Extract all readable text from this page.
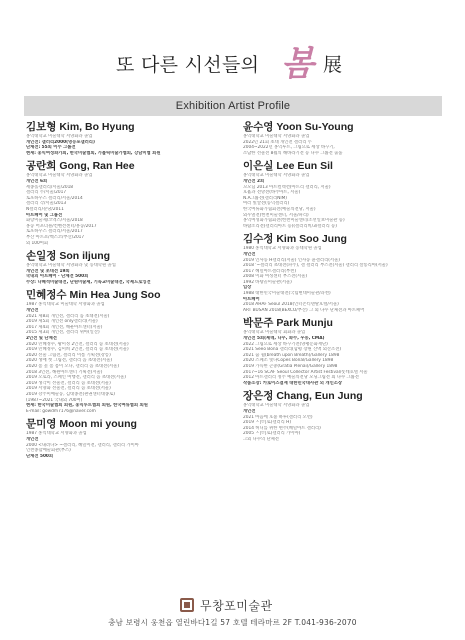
또 다른 시선들의 봄 展
Exhibition Artist Profile
김보형 Kim, Bo Hyung
홍익대학교 미술대학 서양화과 졸업
개인전: 갤러리2000(영등포갤러리)
단체전: 55회 이수 그룹전
현재: 홍익여성화가회, 한국미술협회, 가톨릭미술가협회, 강남미협 회원
공란희 Gong, Ran Hee
홍익대학교 미술대학 서양화과 졸업
개인전 6회
세종홀갤러리/서울/2018
갤러리 두/서울/2017
토포하우스 갤러리/서울/2014
갤러리 각/서울/2013
N갤러리/분당/2011
아트페어 및 그룹전
화랑미술제/코엑스/서울/2018
홍콩 어포더블/컨벤션센터/홍콩/2017
토포하우스 갤러리/서울/2017
부산 아트쇼/벡스코/부산/2017
외 100여회
손일정 Son iljung
홍익대학교 미술대학 서양화과 및 동대학원 졸업
개인전 및 초대전 19회
국내외 아트페어 · 단체전 500회
수상: 나혜석미술대전, 단원미술제, 기독교미술대전, 국제드로잉전
민혜정수 Min Hea Jung Soo
1987 홍익대학교 미술대학 서양화과 졸업
개인전
2021 제8회 개인전, 갤러리 콤 초대전(서울)
2019 제5회 개인전 only갤러리(서울)
2017 제4회 개인전, 해운아트센터(서울)
2015 제3회 개인전, 갤러리 위아(일산)
2인전 및 단체전
2020 민혜정수, 황미정 2인전, 갤러리 콤 초대전(서울)
2019 민혜정수, 김미희 2인전, 갤러리 콤 초대전(서울)
2020 선물 그림전, 갤러리 이룸 기획전(강릉)
2020 생애 첫 그림전, 갤러리 콤 초대전(서울)
2020 봄 꽃 봄 봄이 오다, 갤러리 콤 초대전(서울)
2018 3인전, 해원아트센터 기획전(서울)
2019 오로라, 스페인 여행전, 갤러리 콤 초대전(서울)
2019 생각이 선물전, 갤러리 콤 초대전(서울)
2019 서양화 선물전, 갤러리 콤 초대전(서울)
2019 강주미예술동, 김대종전(판권센터대종로)
(1987~2021 국내외 700여)
현재: 한국미술협회 회원, 홍익루트협회 회원, 한국여류협회 회원
E-mail: gowdm7176@naver.com
문미영 Moon mi young
1987 홍익대학교 서양화과 졸업
개인전
2000 <내려다> ~갤러리, 혜밀이전, 갤러리, 갤러리 가이아
인천종합예술회관(부스)
단체전 500회
윤수영 Yoon Su-Young
홍익대학교 미술대학 서양화과 졸업
2022년 21회 초대 개인전 갤러리 두
2004~2022년 홍익루트, 그림으로 세상 바꾸기,
소담한 선물전 8월의 해바라기전 등 다수 그룹전 출품
이은실 Lee Eun Sil
홍익대학교 미술대학 서양화과 졸업
개인전 2회
꼬모님 2013 아트컬렉션(아트리 갤러리, 서울)
호흡과 전망전(바주아트, 서울)
N.A그룹전(갤러리NIM)
여러 빛깔전(동덕갤러리)
한국여류화가협회전(예술의전당, 서울)
외우열전(헌천미술센터, 서울/파리)
홍익여성화가협회전(헌천미술센터/조선일보미술관 등)
바람소리전(갤러리아트 등)(갤러리비/3/갤러리 등)
김수정 Kim Soo Jung
1980 홍익대학교 서양화과 동대학원 졸업
개인전
2019 인사동 H갤러리(서울) 인사동 윤갤러리(서울)
2018 '~갤러리 초대전(파주), 갤 갤러리 부스전(서울) 갤러리 살롱리아(서울)
2017 혜밀아트갤러리(부천)
2008 이화 여성센터 부스전(서울)
1992 바탕골미술관(서울)
입상
1988 대한민국미술대전(국립현대미술관/과천)
아트페어
2018 AHAF Seoul 2018(인터콘티넨탈호텔/서울)
ART BUSAN 2018(BEXCO/부산) 그 외 다수 단체전과 아트페어
박문주 Park Munju
홍익대학교 미술대학 회화과 졸업
개인전 5회(제네, 나무, 화수, 우동, CMA)
2022 그림으로 세상 바꾸기전(양평문화재단)
2021 Seeo Bona 갤러리(함평 장원 산맥 외산조전)
2021 숨 쉼(breath upon Breath)/Gallery 1898
2020 스페소 빛다Copes Bonal/Gallery 1898
2019 가득한 곤충(Gratia Plenai)/Gallery 1898
2017~16 SCAF Seoul Collector Artist Festival/롯데호텔 서울
2012 아트갤러리 정주 예술의전당 모닝그림전 외 다수 그룹전
작품소장: 카로이즈결재 대한민국대사관 외 개인소장
장은정 Chang, Eun Jung
홍익대학교 미술대학 서양화과 졸업
개인전
2021 마음에 호불 하루(갤러리 오면)
2019 ㅅ|ㅁ|로(갤러리 H)
2014 허니를 위한 변주(혜밀아트 갤러리)
2005 ㅅ|ㅁ|로(갤러리 가이아)
그외 다수의 단체전
무창포미술관
충남 보령시 웅천읍 열린바다1길 57 호텔 테라마르 2F T.041-936-2070
